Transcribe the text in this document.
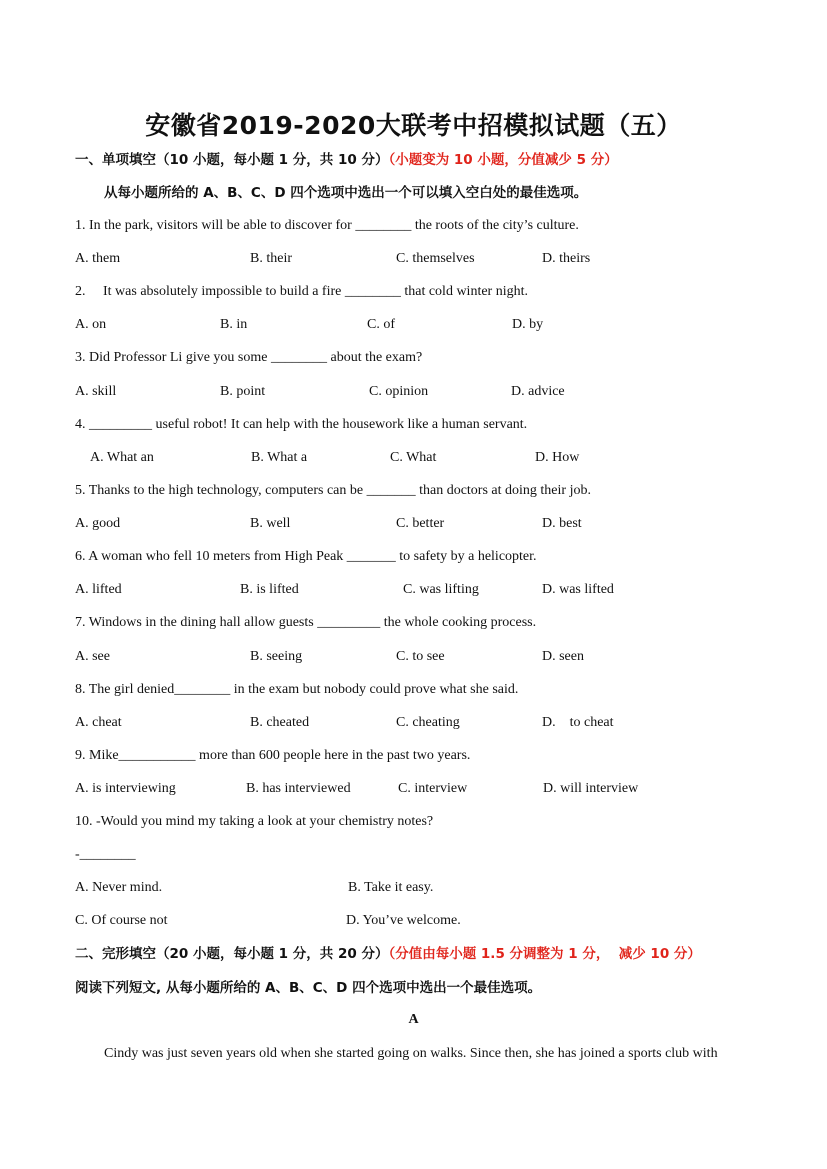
安徽省2019-2020大联考中招模拟试题（五）
一、单项填空（10 小题，每小题 1 分，共 10 分）（小题变为 10 小题，分值减少 5 分）
从每小题所给的 A、B、C、D 四个选项中选出一个可以填入空白处的最佳选项。
1. In the park, visitors will be able to discover for ________ the roots of the city’s culture.
A. them	B. their	C. themselves	D. theirs
2.     It was absolutely impossible to build a fire ________ that cold winter night.
A. on	B. in	C. of	D. by
3. Did Professor Li give you some ________ about the exam?
A. skill	B. point	C. opinion	D. advice
4. _________ useful robot! It can help with the housework like a human servant.
A. What an	B. What a	C. What	D. How
5. Thanks to the high technology, computers can be _______ than doctors at doing their job.
A. good	B. well	C. better	D. best
6. A woman who fell 10 meters from High Peak _______ to safety by a helicopter.
A. lifted	B. is lifted	C. was lifting	D. was lifted
7. Windows in the dining hall allow guests _________ the whole cooking process.
A. see	B. seeing	C. to see	D. seen
8. The girl denied________ in the exam but nobody could prove what she said.
A. cheat	B. cheated	C. cheating	D.    to cheat
9. Mike___________ more than 600 people here in the past two years.
A. is interviewing	B. has interviewed	C. interview	D. will interview
10. -Would you mind my taking a look at your chemistry notes?
-________
A. Never mind.	B. Take it easy.
C. Of course not	D. You’ve welcome.
二、完形填空（20 小题，每小题 1 分，共 20 分）（分值由每小题 1.5 分调整为 1 分，  减少 10 分）
阅读下列短文, 从每小题所给的 A、B、C、D 四个选项中选出一个最佳选项。
A
Cindy was just seven years old when she started going on walks. Since then, she has joined a sports club with
